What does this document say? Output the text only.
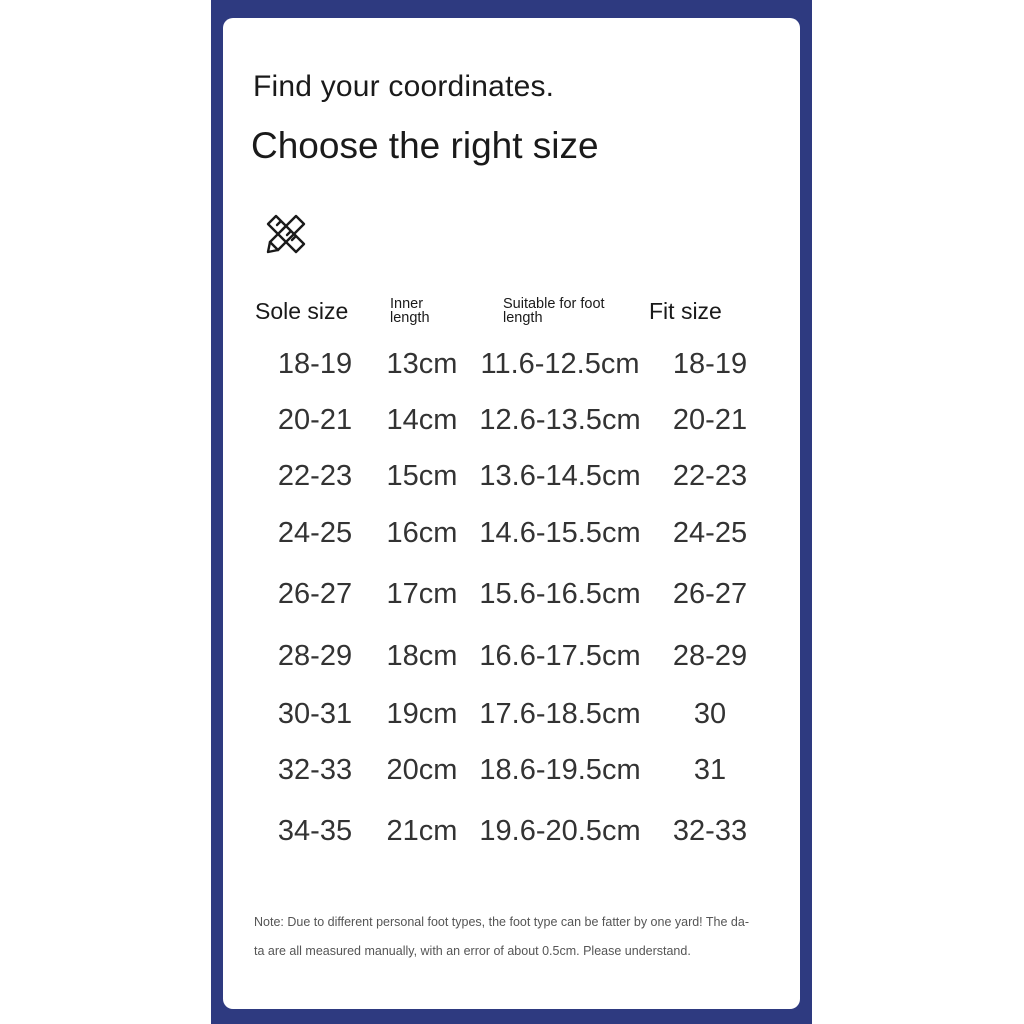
Find your coordinates.
Choose the right size
Sole size	Inner
length
Suitable for foot
length	Fit size
18-19 13cm 11.6-12.5cm 18-19
20-21 14cm 12.6-13.5cm 20-21
22-23 15cm 13.6-14.5cm 22-23
24-25 16cm 14.6-15.5cm 24-25
26-27 17cm 15.6-16.5cm 26-27
28-29 18cm 16.6-17.5cm 28-29
30-31 19cm 17.6-18.5cm 30
32-33 20cm 18.6-19.5cm 31
34-35 21cm 19.6-20.5cm 32-33
Note: Due to different personal foot types, the foot type can be fatter by one yard! The da-
ta are all measured manually, with an error of about 0.5cm. Please understand.
